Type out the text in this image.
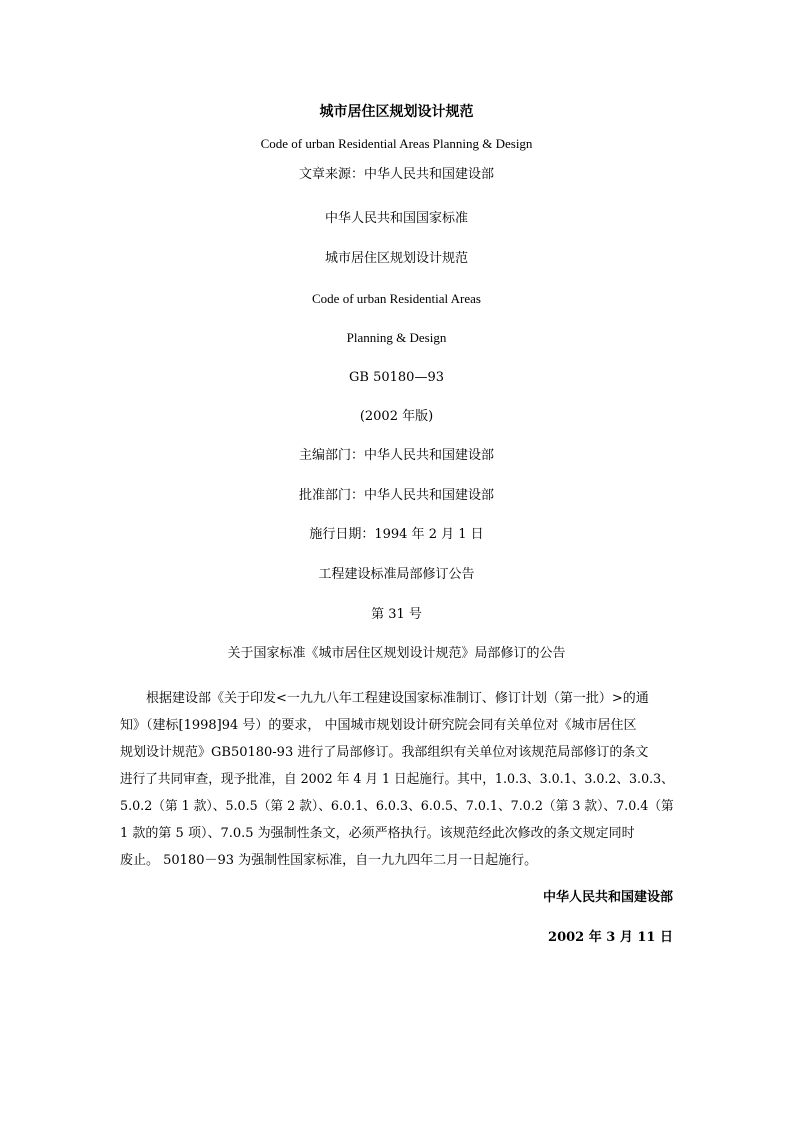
城市居住区规划设计规范
Code of urban Residential Areas Planning & Design
文章来源：中华人民共和国建设部
中华人民共和国国家标准
城市居住区规划设计规范
Code of urban Residential Areas
Planning & Design
GB 50180—93
(2002 年版)
主编部门：中华人民共和国建设部
批准部门：中华人民共和国建设部
施行日期：1994 年 2 月 1 日
工程建设标准局部修订公告
第 31 号
关于国家标准《城市居住区规划设计规范》局部修订的公告
　　根据建设部《关于印发<一九九八年工程建设国家标准制订、修订计划（第一批）>的通
知》（建标[1998]94 号）的要求， 中国城市规划设计研究院会同有关单位对《城市居住区
规划设计规范》GB50180-93 进行了局部修订。我部组织有关单位对该规范局部修订的条文
进行了共同审查，现予批准，自 2002 年 4 月 1 日起施行。其中，1.0.3、3.0.1、3.0.2、3.0.3、
5.0.2（第 1 款）、5.0.5（第 2 款）、6.0.1、6.0.3、6.0.5、7.0.1、7.0.2（第 3 款）、7.0.4（第
1 款的第 5 项）、7.0.5 为强制性条文，必须严格执行。该规范经此次修改的条文规定同时
废止。 50180－93 为强制性国家标准，自一九九四年二月一日起施行。
中华人民共和国建设部
2002 年 3 月 11 日
